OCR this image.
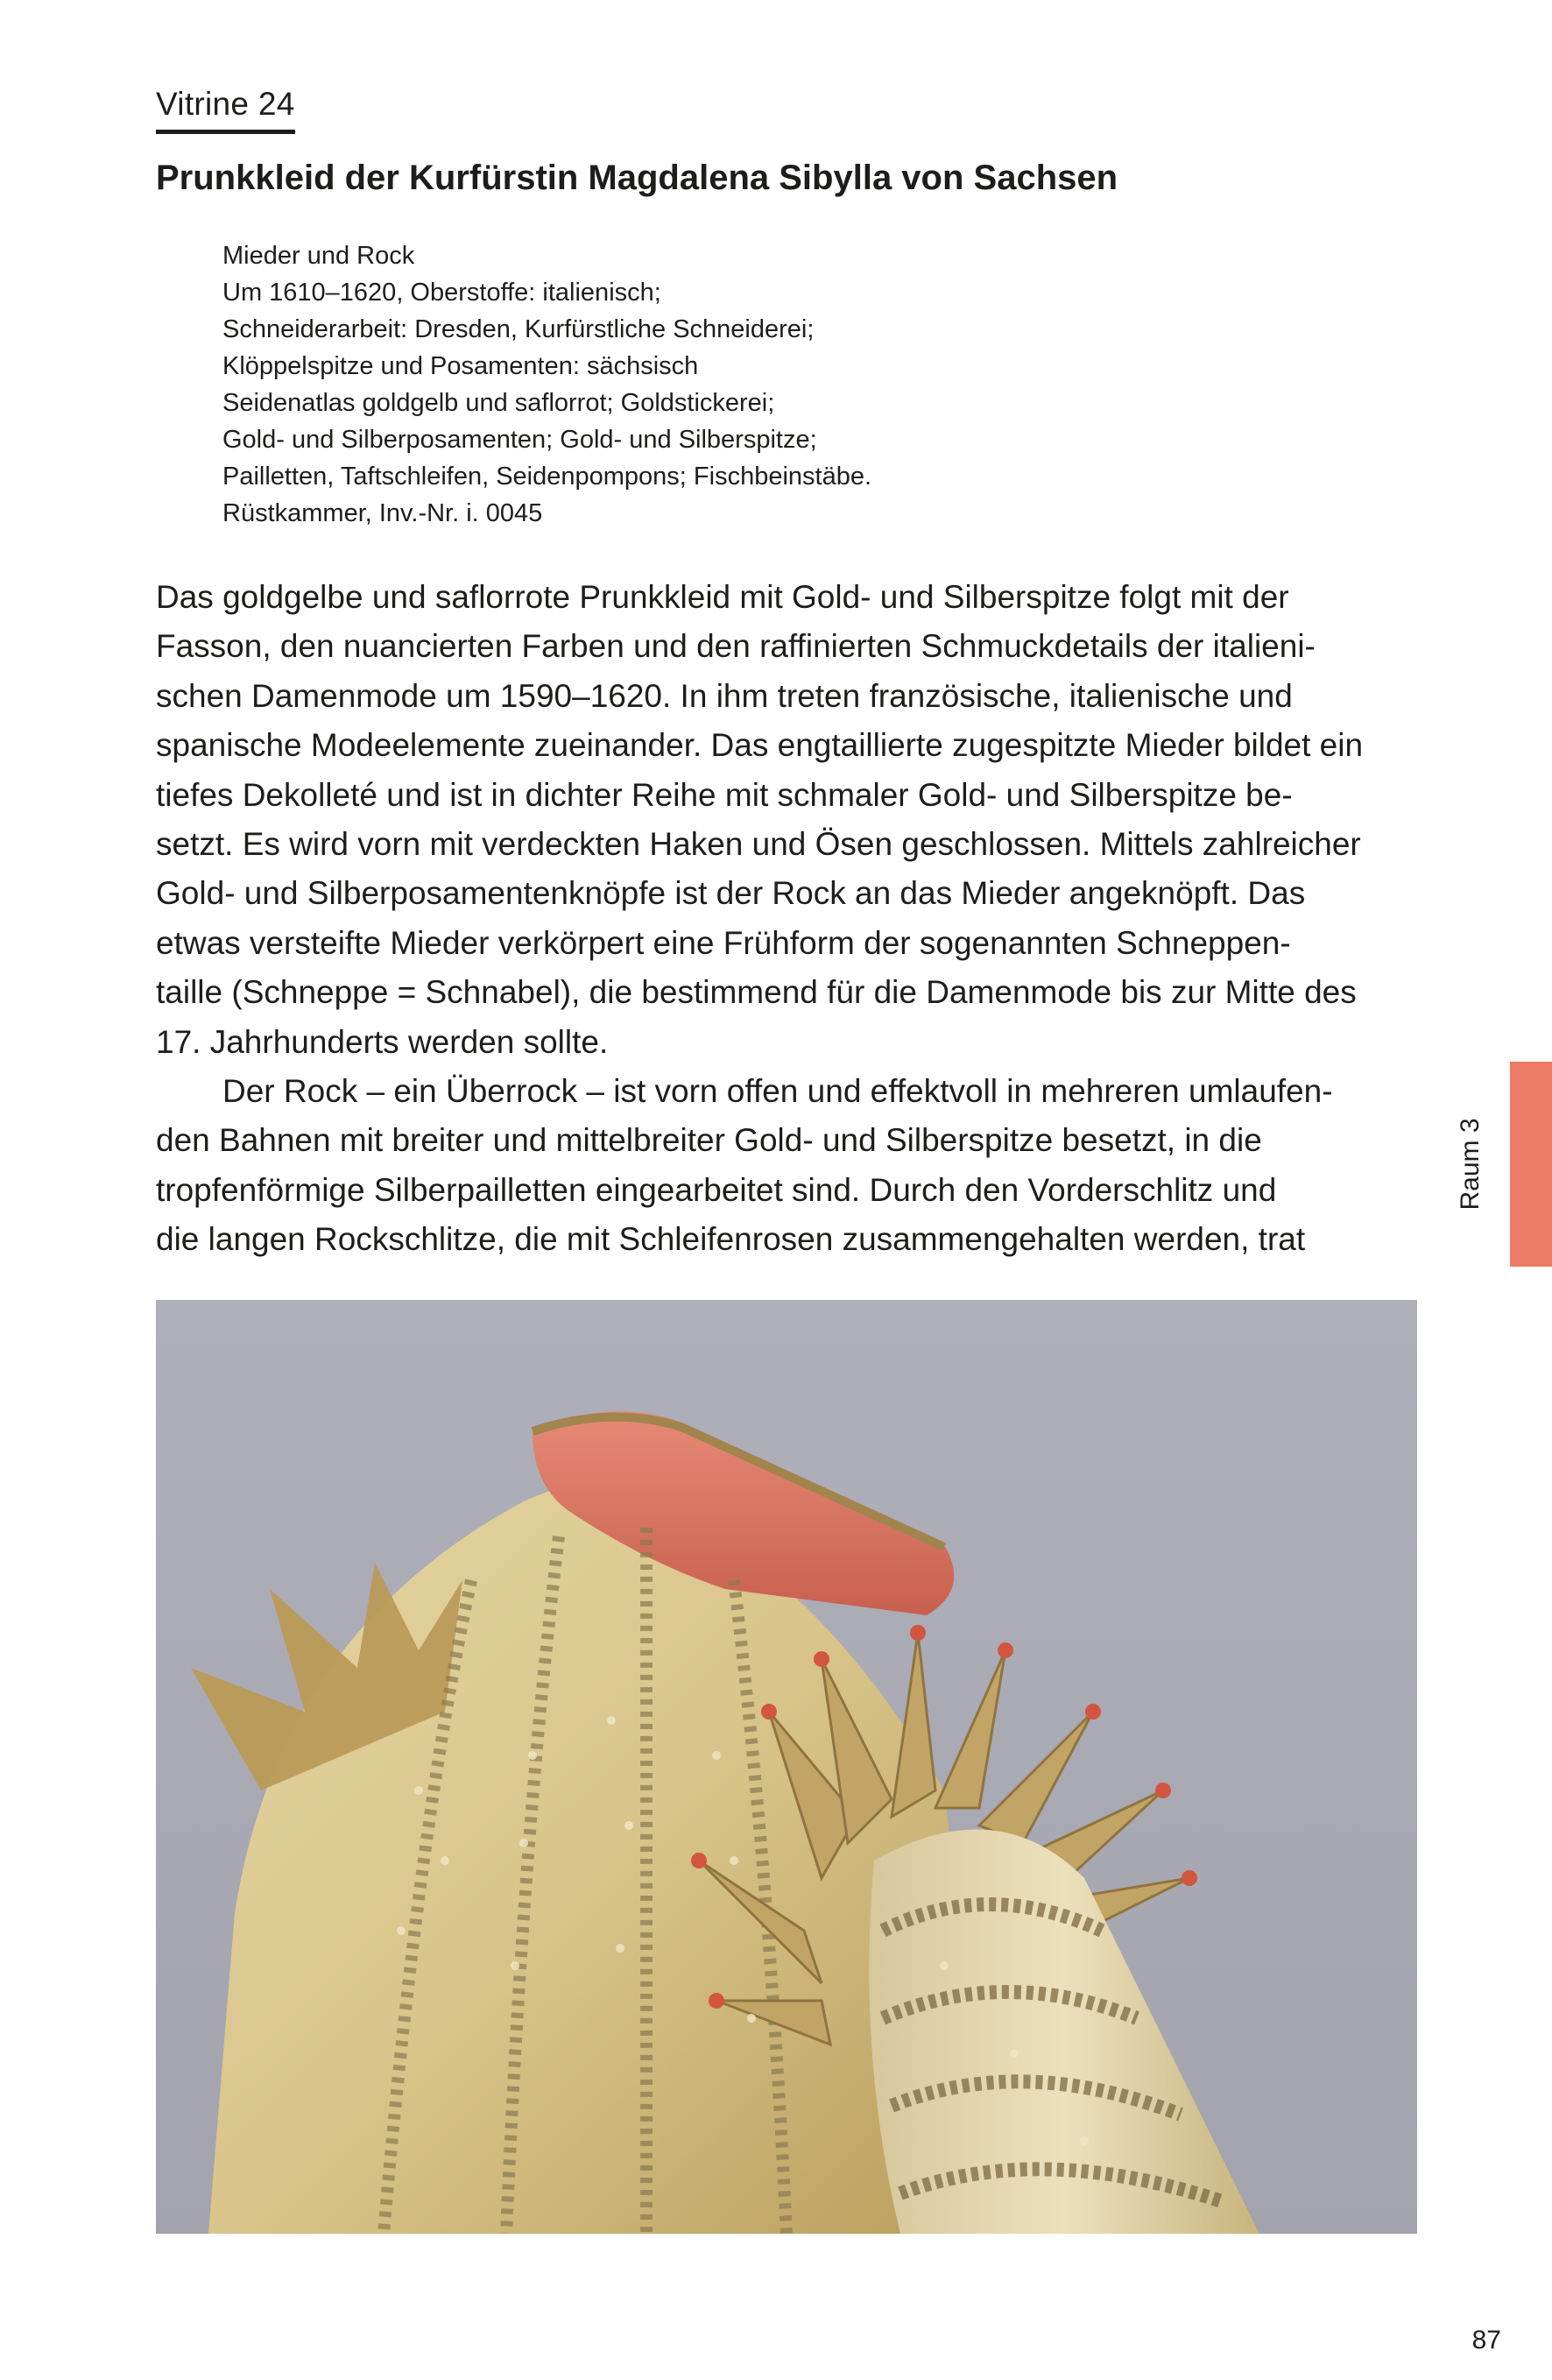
Vitrine 24
Prunkkleid der Kurfürstin Magdalena Sibylla von Sachsen
Mieder und Rock
Um 1610–1620, Oberstoffe: italienisch;
Schneiderarbeit: Dresden, Kurfürstliche Schneiderei;
Klöppelspitze und Posamenten: sächsisch
Seidenatlas goldgelb und saflorrot; Goldstickerei;
Gold- und Silberposamenten; Gold- und Silberspitze;
Pailletten, Taftschleifen, Seidenpompons; Fischbeinstäbe.
Rüstkammer, Inv.-Nr. i. 0045
Das goldgelbe und saflorrote Prunkkleid mit Gold- und Silberspitze folgt mit der
Fasson, den nuancierten Farben und den raffinierten Schmuckdetails der italieni-
schen Damenmode um 1590–1620. In ihm treten französische, italienische und
spanische Modeelemente zueinander. Das engtaillierte zugespitzte Mieder bildet ein
tiefes Dekolleté und ist in dichter Reihe mit schmaler Gold- und Silberspitze be-
setzt. Es wird vorn mit verdeckten Haken und Ösen geschlossen. Mittels zahlreicher
Gold- und Silberposamentenknöpfe ist der Rock an das Mieder angeknöpft. Das
etwas versteifte Mieder verkörpert eine Frühform der sogenannten Schneppen-
taille (Schneppe = Schnabel), die bestimmend für die Damenmode bis zur Mitte des
17. Jahrhunderts werden sollte.
Der Rock – ein Überrock – ist vorn offen und effektvoll in mehreren umlaufen-
den Bahnen mit breiter und mittelbreiter Gold- und Silberspitze besetzt, in die
tropfenförmige Silberpailletten eingearbeitet sind. Durch den Vorderschlitz und
die langen Rockschlitze, die mit Schleifenrosen zusammengehalten werden, trat
Raum 3
87
